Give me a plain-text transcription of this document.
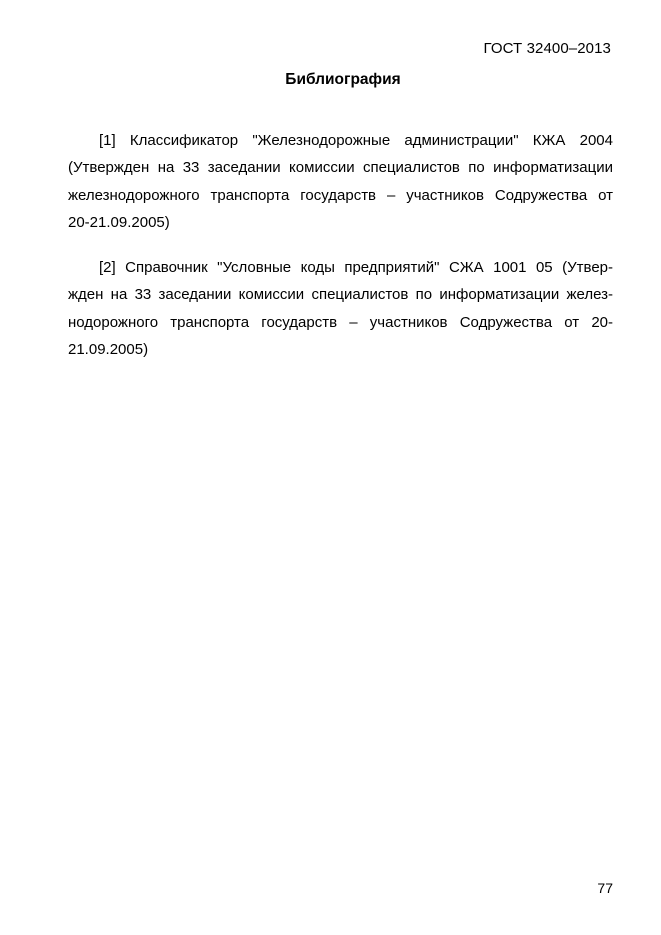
ГОСТ 32400–2013
Библиография

[1] Классификатор "Железнодорожные администрации" КЖА 2004
(Утвержден на 33 заседании комиссии специалистов по информатизации
железнодорожного транспорта государств – участников Содружества от
20-21.09.2005)

[2] Справочник "Условные коды предприятий" СЖА 1001 05 (Утвер-
жден на 33 заседании комиссии специалистов по информатизации желез-
нодорожного транспорта государств – участников Содружества от 20-
21.09.2005)

77
